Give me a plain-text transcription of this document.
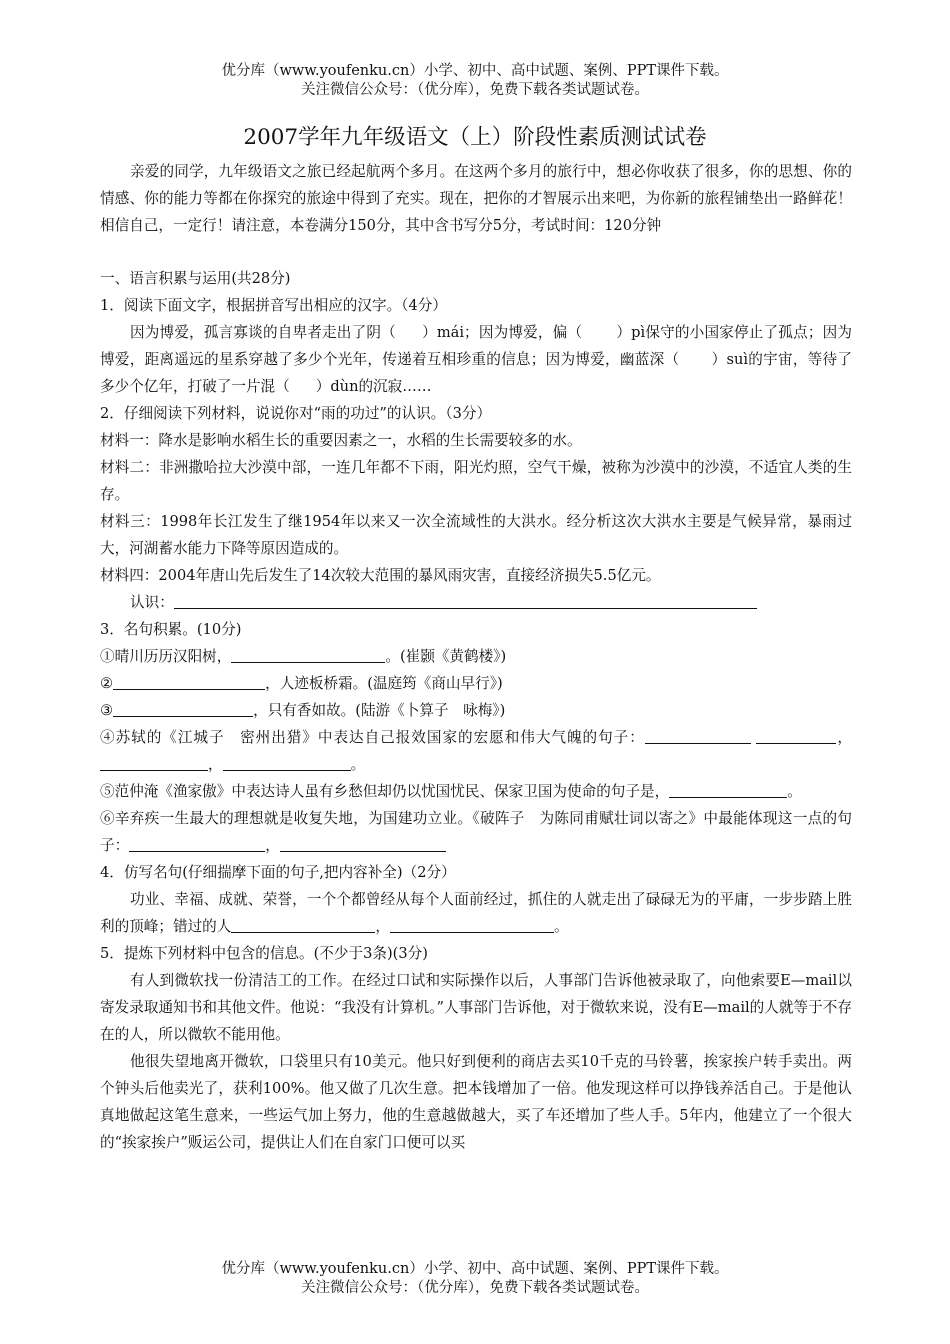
优分库（www.youfenku.cn）小学、初中、高中试题、案例、PPT课件下载。
关注微信公众号：（优分库），免费下载各类试题试卷。
2007学年九年级语文（上）阶段性素质测试试卷

亲爱的同学，九年级语文之旅已经起航两个多月。在这两个多月的旅行中，想必你收获了很多，你的思想、你的情感、你的能力等都在你探究的旅途中得到了充实。现在，把你的才智展示出来吧，为你新的旅程铺垫出一路鲜花！相信自己，一定行！请注意，本卷满分150分，其中含书写分5分，考试时间：120分钟

一、语言积累与运用(共28分)

1．阅读下面文字，根据拼音写出相应的汉字。（4分）

因为博爱，孤言寡谈的自卑者走出了阴（ ）mái；因为博爱，偏（ ）pì保守的小国家停止了孤点；因为博爱，距离遥远的星系穿越了多少个光年，传递着互相珍重的信息；因为博爱，幽蓝深（ ）suì的宇宙，等待了多少个亿年，打破了一片混（ ）dùn的沉寂……

2．仔细阅读下列材料，说说你对“雨的功过”的认识。（3分）

材料一：降水是影响水稻生长的重要因素之一，水稻的生长需要较多的水。

材料二：非洲撒哈拉大沙漠中部，一连几年都不下雨，阳光灼照，空气干燥，被称为沙漠中的沙漠，不适宜人类的生存。

材料三：1998年长江发生了继1954年以来又一次全流域性的大洪水。经分析这次大洪水主要是气候异常，暴雨过大，河湖蓄水能力下降等原因造成的。

材料四：2004年唐山先后发生了14次较大范围的暴风雨灾害，直接经济损失5.5亿元。

认识：

3．名句积累。(10分)

①晴川历历汉阳树，	。(崔颢《黄鹤楼》)

②	，人迹板桥霜。(温庭筠《商山早行》)

③	，只有香如故。(陆游《卜算子　咏梅》)

④苏轼的《江城子　密州出猎》中表达自己报效国家的宏愿和伟大气魄的句子：	，，	。

⑤范仲淹《渔家傲》中表达诗人虽有乡愁但却仍以忧国忧民、保家卫国为使命的句子是，	。

⑥辛弃疾一生最大的理想就是收复失地，为国建功立业。《破阵子　为陈同甫赋壮词以寄之》中最能体现这一点的句子：	，

4．仿写名句(仔细揣摩下面的句子,把内容补全)（2分）

功业、幸福、成就、荣誉，一个个都曾经从每个人面前经过，抓住的人就走出了碌碌无为的平庸，一步步踏上胜利的顶峰；错过的人	，	。

5．提炼下列材料中包含的信息。(不少于3条)(3分)

有人到微软找一份清洁工的工作。在经过口试和实际操作以后，人事部门告诉他被录取了，向他索要E—mail以寄发录取通知书和其他文件。他说：“我没有计算机。”人事部门告诉他，对于微软来说，没有E—mail的人就等于不存在的人，所以微软不能用他。

他很失望地离开微软，口袋里只有10美元。他只好到便利的商店去买10千克的马铃薯，挨家挨户转手卖出。两个钟头后他卖光了，获利100%。他又做了几次生意。把本钱增加了一倍。他发现这样可以挣钱养活自己。于是他认真地做起这笔生意来，一些运气加上努力，他的生意越做越大，买了车还增加了些人手。5年内，他建立了一个很大的“挨家挨户”贩运公司，提供让人们在自家门口便可以买

优分库（www.youfenku.cn）小学、初中、高中试题、案例、PPT课件下载。
关注微信公众号：（优分库），免费下载各类试题试卷。
